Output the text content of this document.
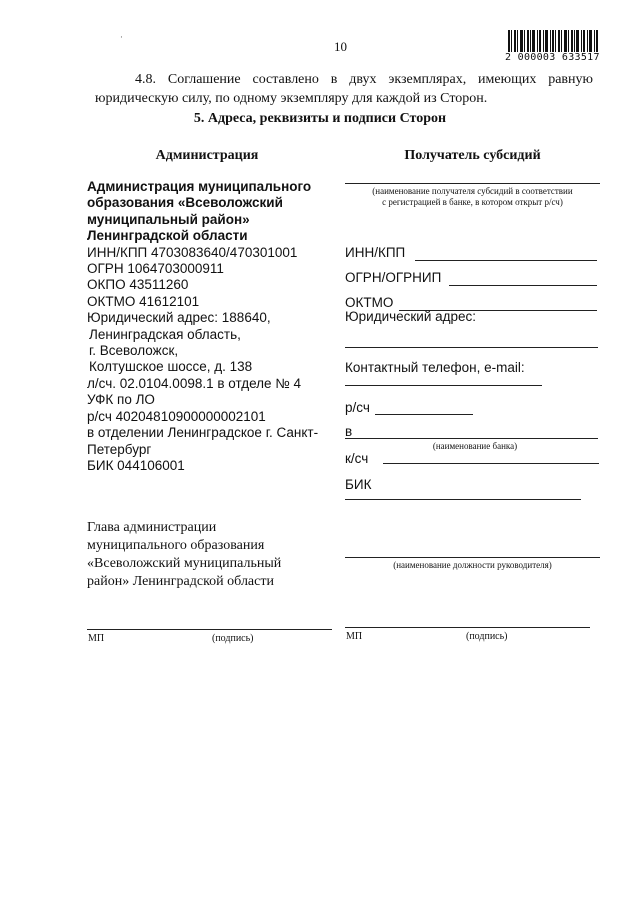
·
10
2 000003 633517

4.8. Соглашение составлено в двух экземплярах, имеющих равную

юридическую силу, по одному экземпляру для каждой из Сторон.

5. Адреса, реквизиты и подписи Сторон
Администрация	Получатель субсидий
Администрация муниципального
образования «Всеволожский
муниципальный район»
Ленинградской области
ИНН/КПП 4703083640/470301001
ОГРН 1064703000911
ОКПО 43511260
ОКТМО 41612101
Юридический адрес: 188640,
Ленинградская область,
г. Всеволожск,
Колтушское шоссе, д. 138
л/сч. 02.0104.0098.1 в отделе № 4
УФК по ЛО
р/сч 40204810900000002101
в отделении Ленинградское г. Санкт-
Петербург
БИК 044106001
Глава администрации
муниципального образования
«Всеволожский муниципальный
район» Ленинградской области
МП	(подпись)
(наименование получателя субсидий в соответствии
с регистрацией в банке, в котором открыт р/сч)
ИНН/КПП
ОГРН/ОГРНИП
ОКТМО
Юридический адрес:
Контактный телефон, e-mail:
р/сч
в
(наименование банка)
к/сч
БИК
(наименование должности руководителя)
МП	(подпись)
